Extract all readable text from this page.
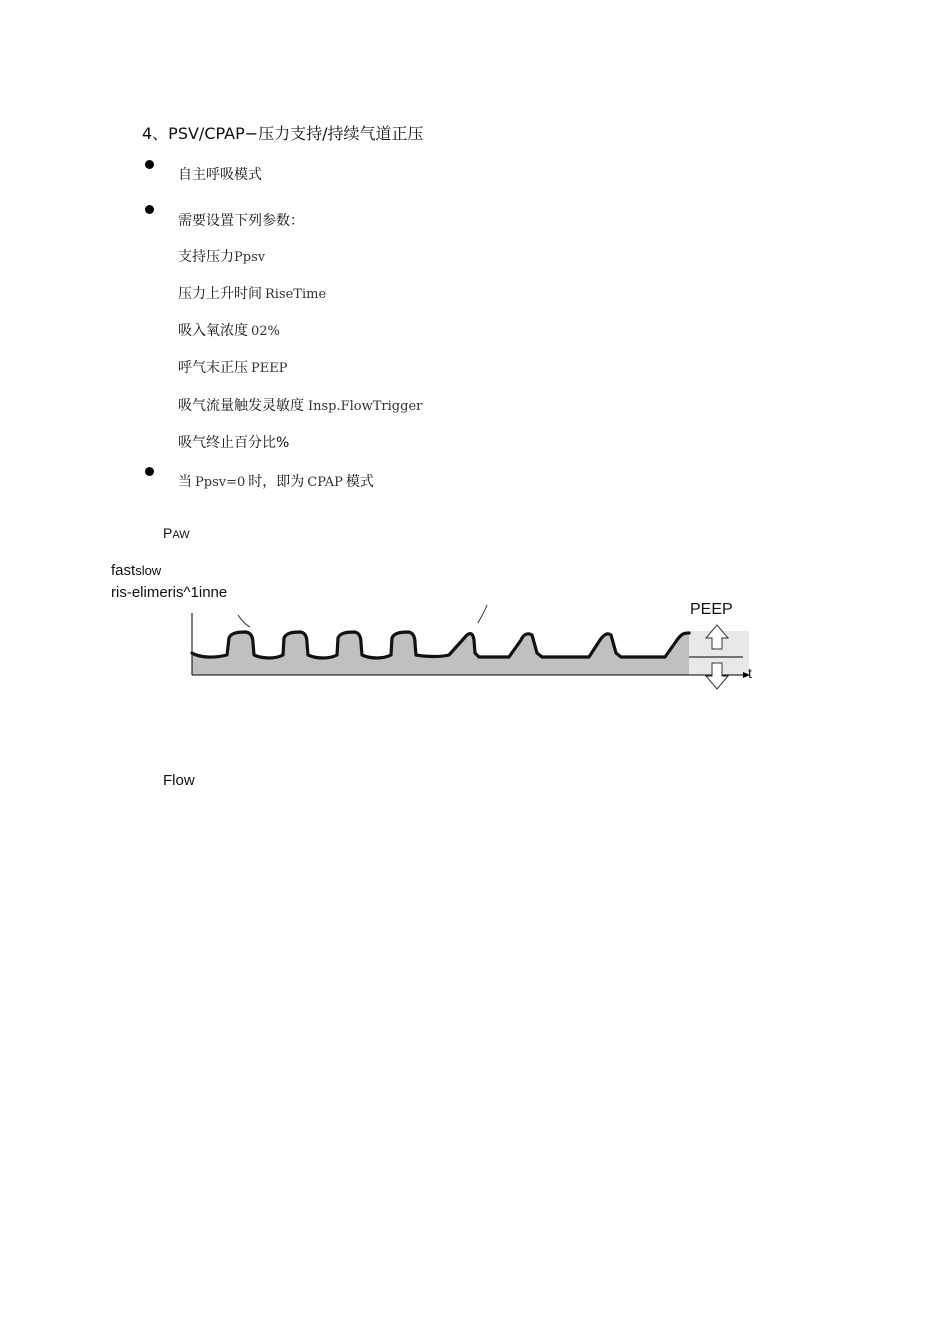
4、PSV/CPAP−压力支持/持续气道正压
自主呼吸模式
需要设置下列参数：
支持压力Ppsv
压力上升时间 RiseTime
吸入氧浓度 02%
呼气末正压 PEEP
吸气流量触发灵敏度 Insp.FlowTrigger
吸气终止百分比%
当 Ppsv=0 时，即为 CPAP 模式
PAW
fastslow
ris-elimeris^1inne
PEEP
t
Flow
